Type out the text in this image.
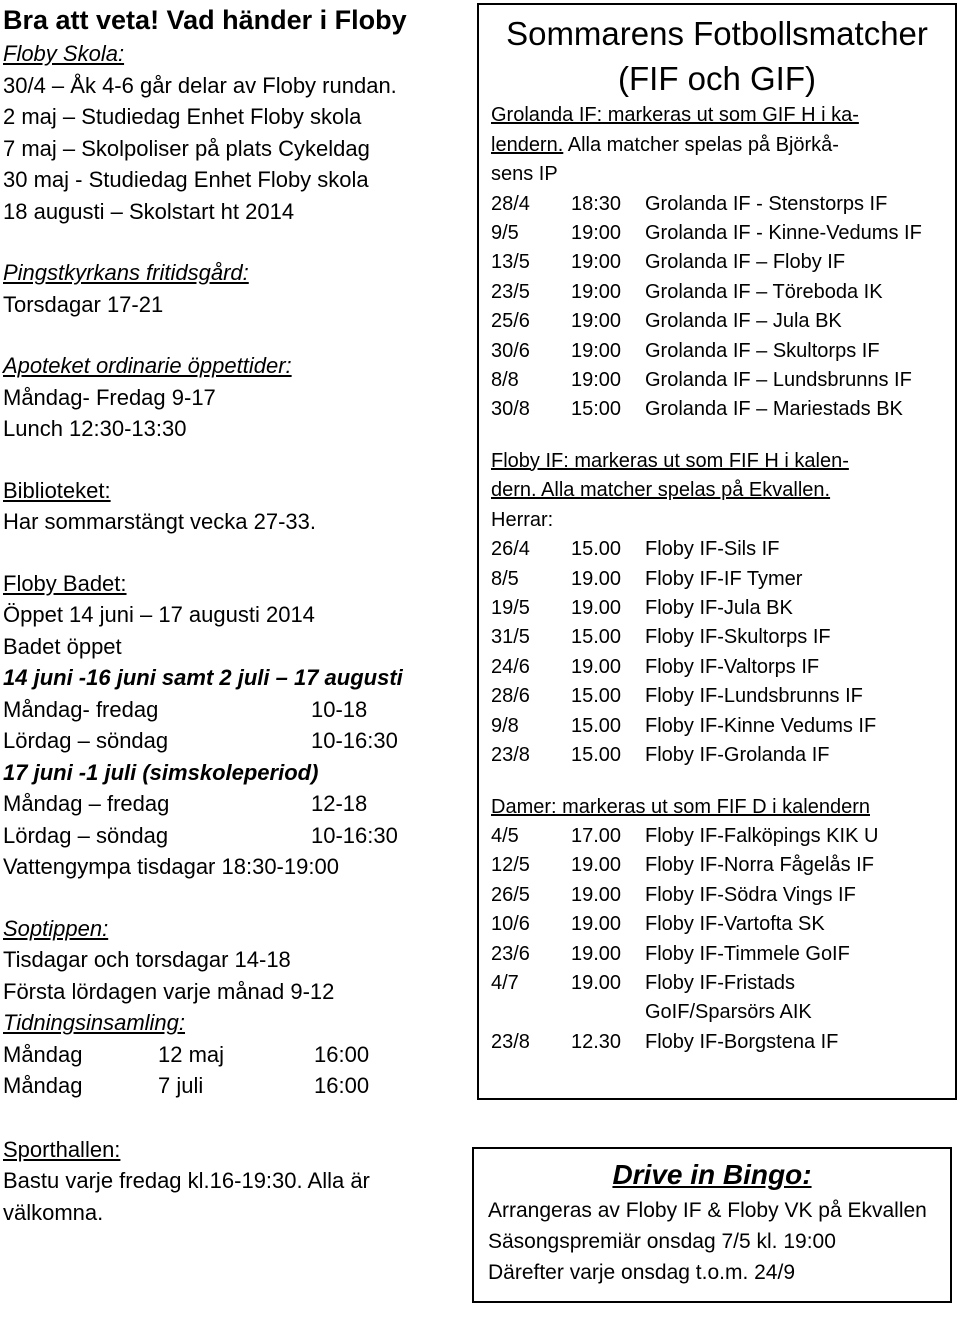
Bra att veta! Vad händer i Floby
Floby Skola:
30/4 – Åk 4-6 går delar av Floby rundan.
2 maj – Studiedag Enhet Floby skola
7 maj – Skolpoliser på plats Cykeldag
30 maj - Studiedag Enhet Floby skola
18 augusti – Skolstart ht 2014
Pingstkyrkans fritidsgård:
Torsdagar 17-21
Apoteket ordinarie öppettider:
Måndag- Fredag 9-17
Lunch 12:30-13:30
Biblioteket:
Har sommarstängt vecka 27-33.
Floby Badet:
Öppet 14 juni – 17 augusti 2014
Badet öppet
14 juni -16 juni samt 2 juli – 17 augusti
Måndag- fredag	10-18
Lördag – söndag	10-16:30
17 juni -1 juli (simskoleperiod)
Måndag – fredag	12-18
Lördag – söndag	10-16:30
Vattengympa tisdagar 18:30-19:00
Soptippen:
Tisdagar och torsdagar 14-18
Första lördagen varje månad 9-12
Tidningsinsamling:
Måndag	12 maj	16:00
Måndag	7 juli	16:00
Sporthallen:
Bastu varje fredag kl.16-19:30. Alla är
välkomna.
Sommarens Fotbollsmatcher
(FIF och GIF)
Grolanda IF: markeras ut som GIF H i ka-
lendern. Alla matcher spelas på Björkå-
sens IP
28/4	18:30	Grolanda IF - Stenstorps IF
9/5	19:00	Grolanda IF - Kinne-Vedums IF
13/5	19:00	Grolanda IF – Floby IF
23/5	19:00	Grolanda IF – Töreboda IK
25/6	19:00	Grolanda IF – Jula BK
30/6	19:00	Grolanda IF – Skultorps IF
8/8	19:00	Grolanda IF – Lundsbrunns IF
30/8	15:00	Grolanda IF – Mariestads BK
Floby IF: markeras ut som FIF H i kalen-
dern. Alla matcher spelas på Ekvallen.
Herrar:
26/4	15.00	Floby IF-Sils IF
8/5	19.00	Floby IF-IF Tymer
19/5	19.00	Floby IF-Jula BK
31/5	15.00	Floby IF-Skultorps IF
24/6	19.00	Floby IF-Valtorps IF
28/6	15.00	Floby IF-Lundsbrunns IF
9/8	15.00	Floby IF-Kinne Vedums IF
23/8	15.00	Floby IF-Grolanda IF
Damer: markeras ut som FIF D i kalendern
4/5	17.00	Floby IF-Falköpings KIK U
12/5	19.00	Floby IF-Norra Fågelås IF
26/5	19.00	Floby IF-Södra Vings IF
10/6	19.00	Floby IF-Vartofta SK
23/6	19.00	Floby IF-Timmele GoIF
4/7	19.00	Floby IF-Fristads
GoIF/Sparsörs AIK
23/8	12.30	Floby IF-Borgstena IF
Drive in Bingo:
Arrangeras av Floby IF & Floby VK på Ekvallen
Säsongspremiär onsdag 7/5 kl. 19:00
Därefter varje onsdag t.o.m. 24/9
